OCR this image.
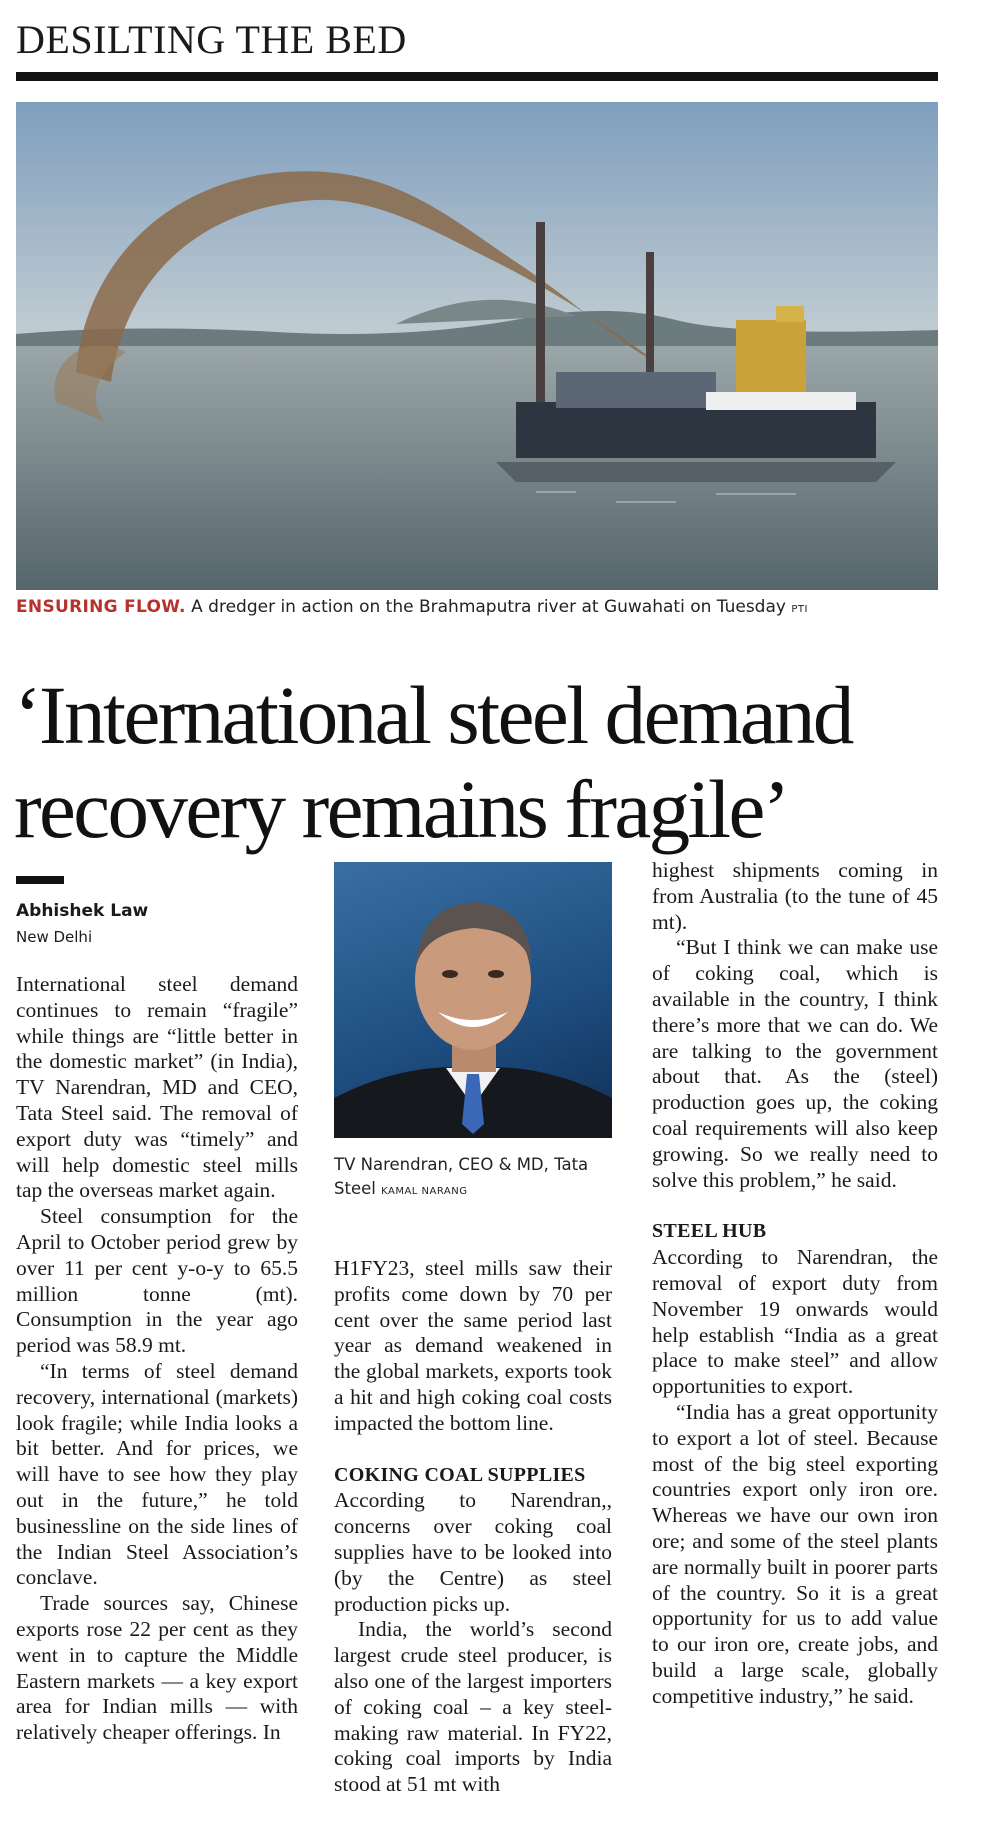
DESILTING THE BED
ENSURING FLOW. A dredger in action on the Brahmaputra river at Guwahati on Tuesday PTI
‘International steel demand
recovery remains fragile’
Abhishek Law
New Delhi

International steel demand continues to remain “fragile” while things are “little better in the domestic market” (in India), TV Narendran, MD and CEO, Tata Steel said. The removal of export duty was “timely” and will help domestic steel mills tap the overseas market again.

Steel consumption for the April to October period grew by over 11 per cent y-o-y to 65.5 million tonne (mt). Consumption in the year ago period was 58.9 mt.

“In terms of steel demand recovery, international (markets) look fragile; while India looks a bit better. And for prices, we will have to see how they play out in the future,” he told businessline on the side lines of the Indian Steel Association’s conclave.

Trade sources say, Chinese exports rose 22 per cent as they went in to capture the Middle Eastern markets — a key export area for Indian mills — with relatively cheaper offerings. In

TV Narendran, CEO & MD, Tata Steel KAMAL NARANG

H1FY23, steel mills saw their profits come down by 70 per cent over the same period last year as demand weakened in the global markets, exports took a hit and high coking coal costs impacted the bottom line.

COKING COAL SUPPLIES

According to Narendran,, concerns over coking coal supplies have to be looked into (by the Centre) as steel production picks up.

India, the world’s second largest crude steel producer, is also one of the largest importers of coking coal – a key steel-making raw material. In FY22, coking coal imports by India stood at 51 mt with

highest shipments coming in from Australia (to the tune of 45 mt).

“But I think we can make use of coking coal, which is available in the country, I think there’s more that we can do. We are talking to the government about that. As the (steel) production goes up, the coking coal requirements will also keep growing. So we really need to solve this problem,” he said.

STEEL HUB

According to Narendran, the removal of export duty from November 19 onwards would help establish “India as a great place to make steel” and allow opportunities to export.

“India has a great opportunity to export a lot of steel. Because most of the big steel exporting countries export only iron ore. Whereas we have our own iron ore; and some of the steel plants are normally built in poorer parts of the country. So it is a great opportunity for us to add value to our iron ore, create jobs, and build a large scale, globally competitive industry,” he said.
